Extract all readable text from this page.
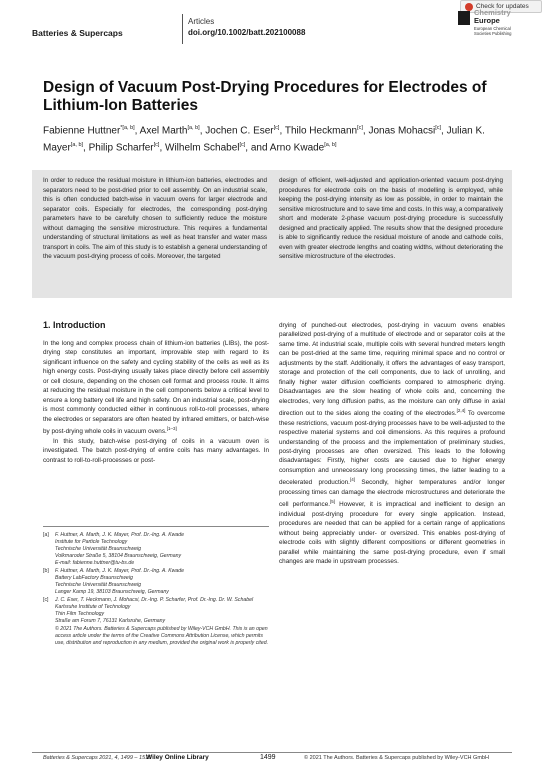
Batteries & Supercaps
Articles
doi.org/10.1002/batt.202100088
Check for updates
Chemistry
Europe
European Chemical
Societies Publishing
Design of Vacuum Post-Drying Procedures for Electrodes of Lithium-Ion Batteries
Fabienne Huttner$^{*[a, b]}$, Axel Marth[a, b], Jochen C. Eser[c], Thilo Heckmann[c], Jonas Mohacsi[c], Julian K. Mayer[a, b], Philip Scharfer[c], Wilhelm Schabel[c], and Arno Kwade[a, b]
In order to reduce the residual moisture in lithium-ion batteries, electrodes and separators need to be post-dried prior to cell assembly. On an industrial scale, this is often conducted batch-wise in vacuum ovens for larger electrode and separator coils. Especially for electrodes, the corresponding post-drying parameters have to be carefully chosen to sufficiently reduce the moisture without damaging the sensitive microstructure. This requires a fundamental understanding of structural limitations as well as heat transfer and water mass transport in coils. The aim of this study is to establish a general understanding of the vacuum post-drying process of coils. Moreover, the targeted
design of efficient, well-adjusted and application-oriented vacuum post-drying procedures for electrode coils on the basis of modelling is employed, while keeping the post-drying intensity as low as possible, in order to maintain the sensitive microstructure and to save time and costs. In this way, a comparatively short and moderate 2-phase vacuum post-drying procedure is successfully designed and practically applied. The results show that the designed procedure is able to significantly reduce the residual moisture of anode and cathode coils, even with greater electrode lengths and coating widths, without deteriorating the sensitive microstructure of the electrodes.
1. Introduction

In the long and complex process chain of lithium-ion batteries (LIBs), the post-drying step constitutes an important, improvable step with regard to its significant influence on the safety and cycling stability of the cells as well as its high energy costs. Post-drying usually takes place directly before cell assembly or cell closure, depending on the chosen cell format and process route. It aims at reducing the residual moisture in the cell components below a critical level to ensure a long battery cell life and high safety. On an industrial scale, post-drying is most commonly conducted either in continuous roll-to-roll processes, where the electrodes or separators are often heated by infrared emitters, or batch-wise by post-drying whole coils in vacuum ovens.[1–3]

In this study, batch-wise post-drying of coils in a vacuum oven is investigated. The batch post-drying of entire coils has many advantages. In contrast to roll-to-roll-processes or post-

[a]	F. Huttner, A. Marth, J. K. Mayer, Prof. Dr.-Ing. A. Kwade
Institute for Particle Technology
Technische Universität Braunschweig
Volkmaroder Straße 5, 38104 Braunschweig, Germany
E-mail: fabienne.huttner@tu-bs.de
[b]	F. Huttner, A. Marth, J. K. Mayer, Prof. Dr.-Ing. A. Kwade
Battery LabFactory Braunschweig
Technische Universität Braunschweig
Langer Kamp 19, 38103 Braunschweig, Germany
[c]	J. C. Eser, T. Heckmann, J. Mohacsi, Dr.-Ing. P. Scharfer, Prof. Dr.-Ing. Dr. W. Schabel
Karlsruhe Institute of Technology
Thin Film Technology
Straße am Forum 7, 76131 Karlsruhe, Germany
© 2021 The Authors. Batteries & Supercaps published by Wiley-VCH GmbH. This is an open access article under the terms of the Creative Commons Attribution License, which permits use, distribution and reproduction in any medium, provided the original work is properly cited.

drying of punched-out electrodes, post-drying in vacuum ovens enables parallelized post-drying of a multitude of electrode and or separator coils at the same time. At industrial scale, multiple coils with several hundred meters length can be post-dried at the same time, requiring minimal space and no control or adjustments by the staff. Additionally, it offers the advantages of easy transport, storage and protection of the cell components, due to lack of unrolling, and finally higher water diffusion coefficients compared to atmospheric drying. Disadvantages are the slow heating of whole coils and, concerning the electrodes, very long diffusion paths, as the moisture can only diffuse in axial direction out to the sides along the coating of the electrodes.[2,4] To overcome these restrictions, vacuum post-drying processes have to be well-adjusted to the respective material systems and coil dimensions. As this requires a profound understanding of the process and the implementation of preliminary studies, post-drying processes are often oversized. This leads to the following disadvantages: Firstly, higher costs are caused due to higher energy consumption and unnecessary long processing times, the latter leading to a decelerated production.[4] Secondly, higher temperatures and/or longer processing times can damage the electrode microstructures and deteriorate the cell performance.[5] However, it is impractical and inefficient to design an individual post-drying procedure for every single application. Instead, procedures are needed that can be applied for a certain range of applications without being appreciably under- or oversized. This enables post-drying of electrode coils with slightly different compositions or different geometries in parallel while maintaining the same post-drying procedure, even if small changes are made in upstream processes.

Batteries & Supercaps 2021, 4, 1499 – 1515
Wiley Online Library	1499	© 2021 The Authors. Batteries & Supercaps published by Wiley-VCH GmbH
